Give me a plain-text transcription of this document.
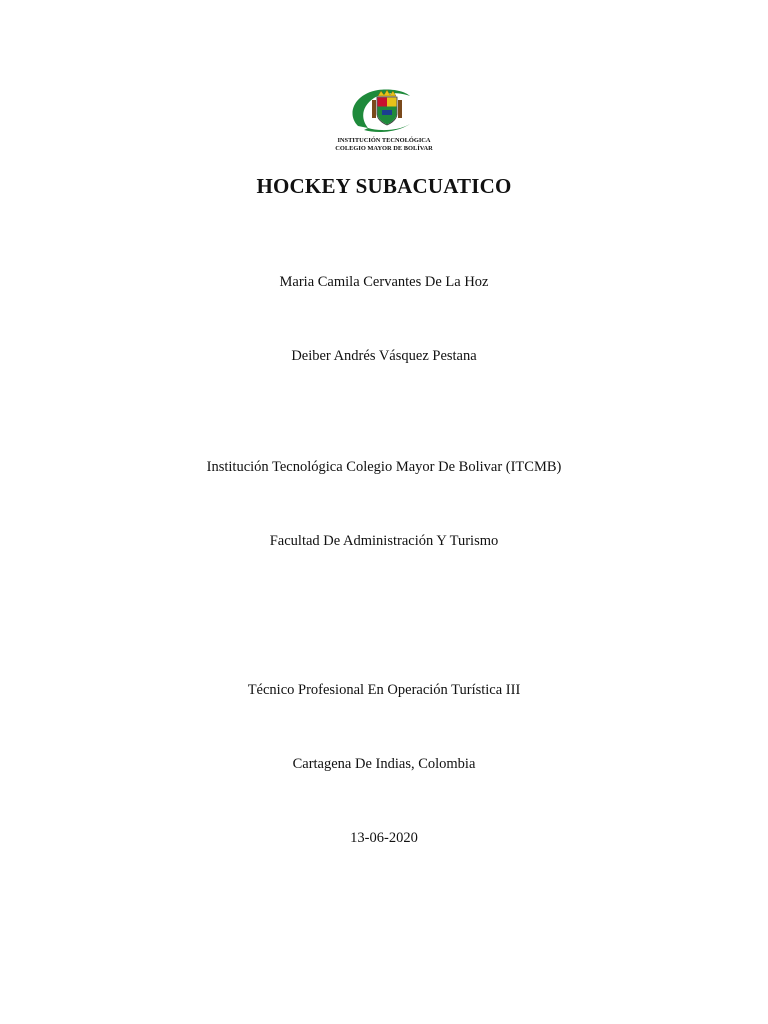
INSTITUCIÓN TECNOLÓGICA
COLEGIO MAYOR DE BOLÍVAR
HOCKEY SUBACUATICO
Maria Camila Cervantes De La Hoz
Deiber Andrés Vásquez Pestana
Institución Tecnológica Colegio Mayor De Bolivar (ITCMB)
Facultad De Administración Y Turismo
Técnico Profesional En Operación Turística III
Cartagena De Indias, Colombia
13-06-2020
